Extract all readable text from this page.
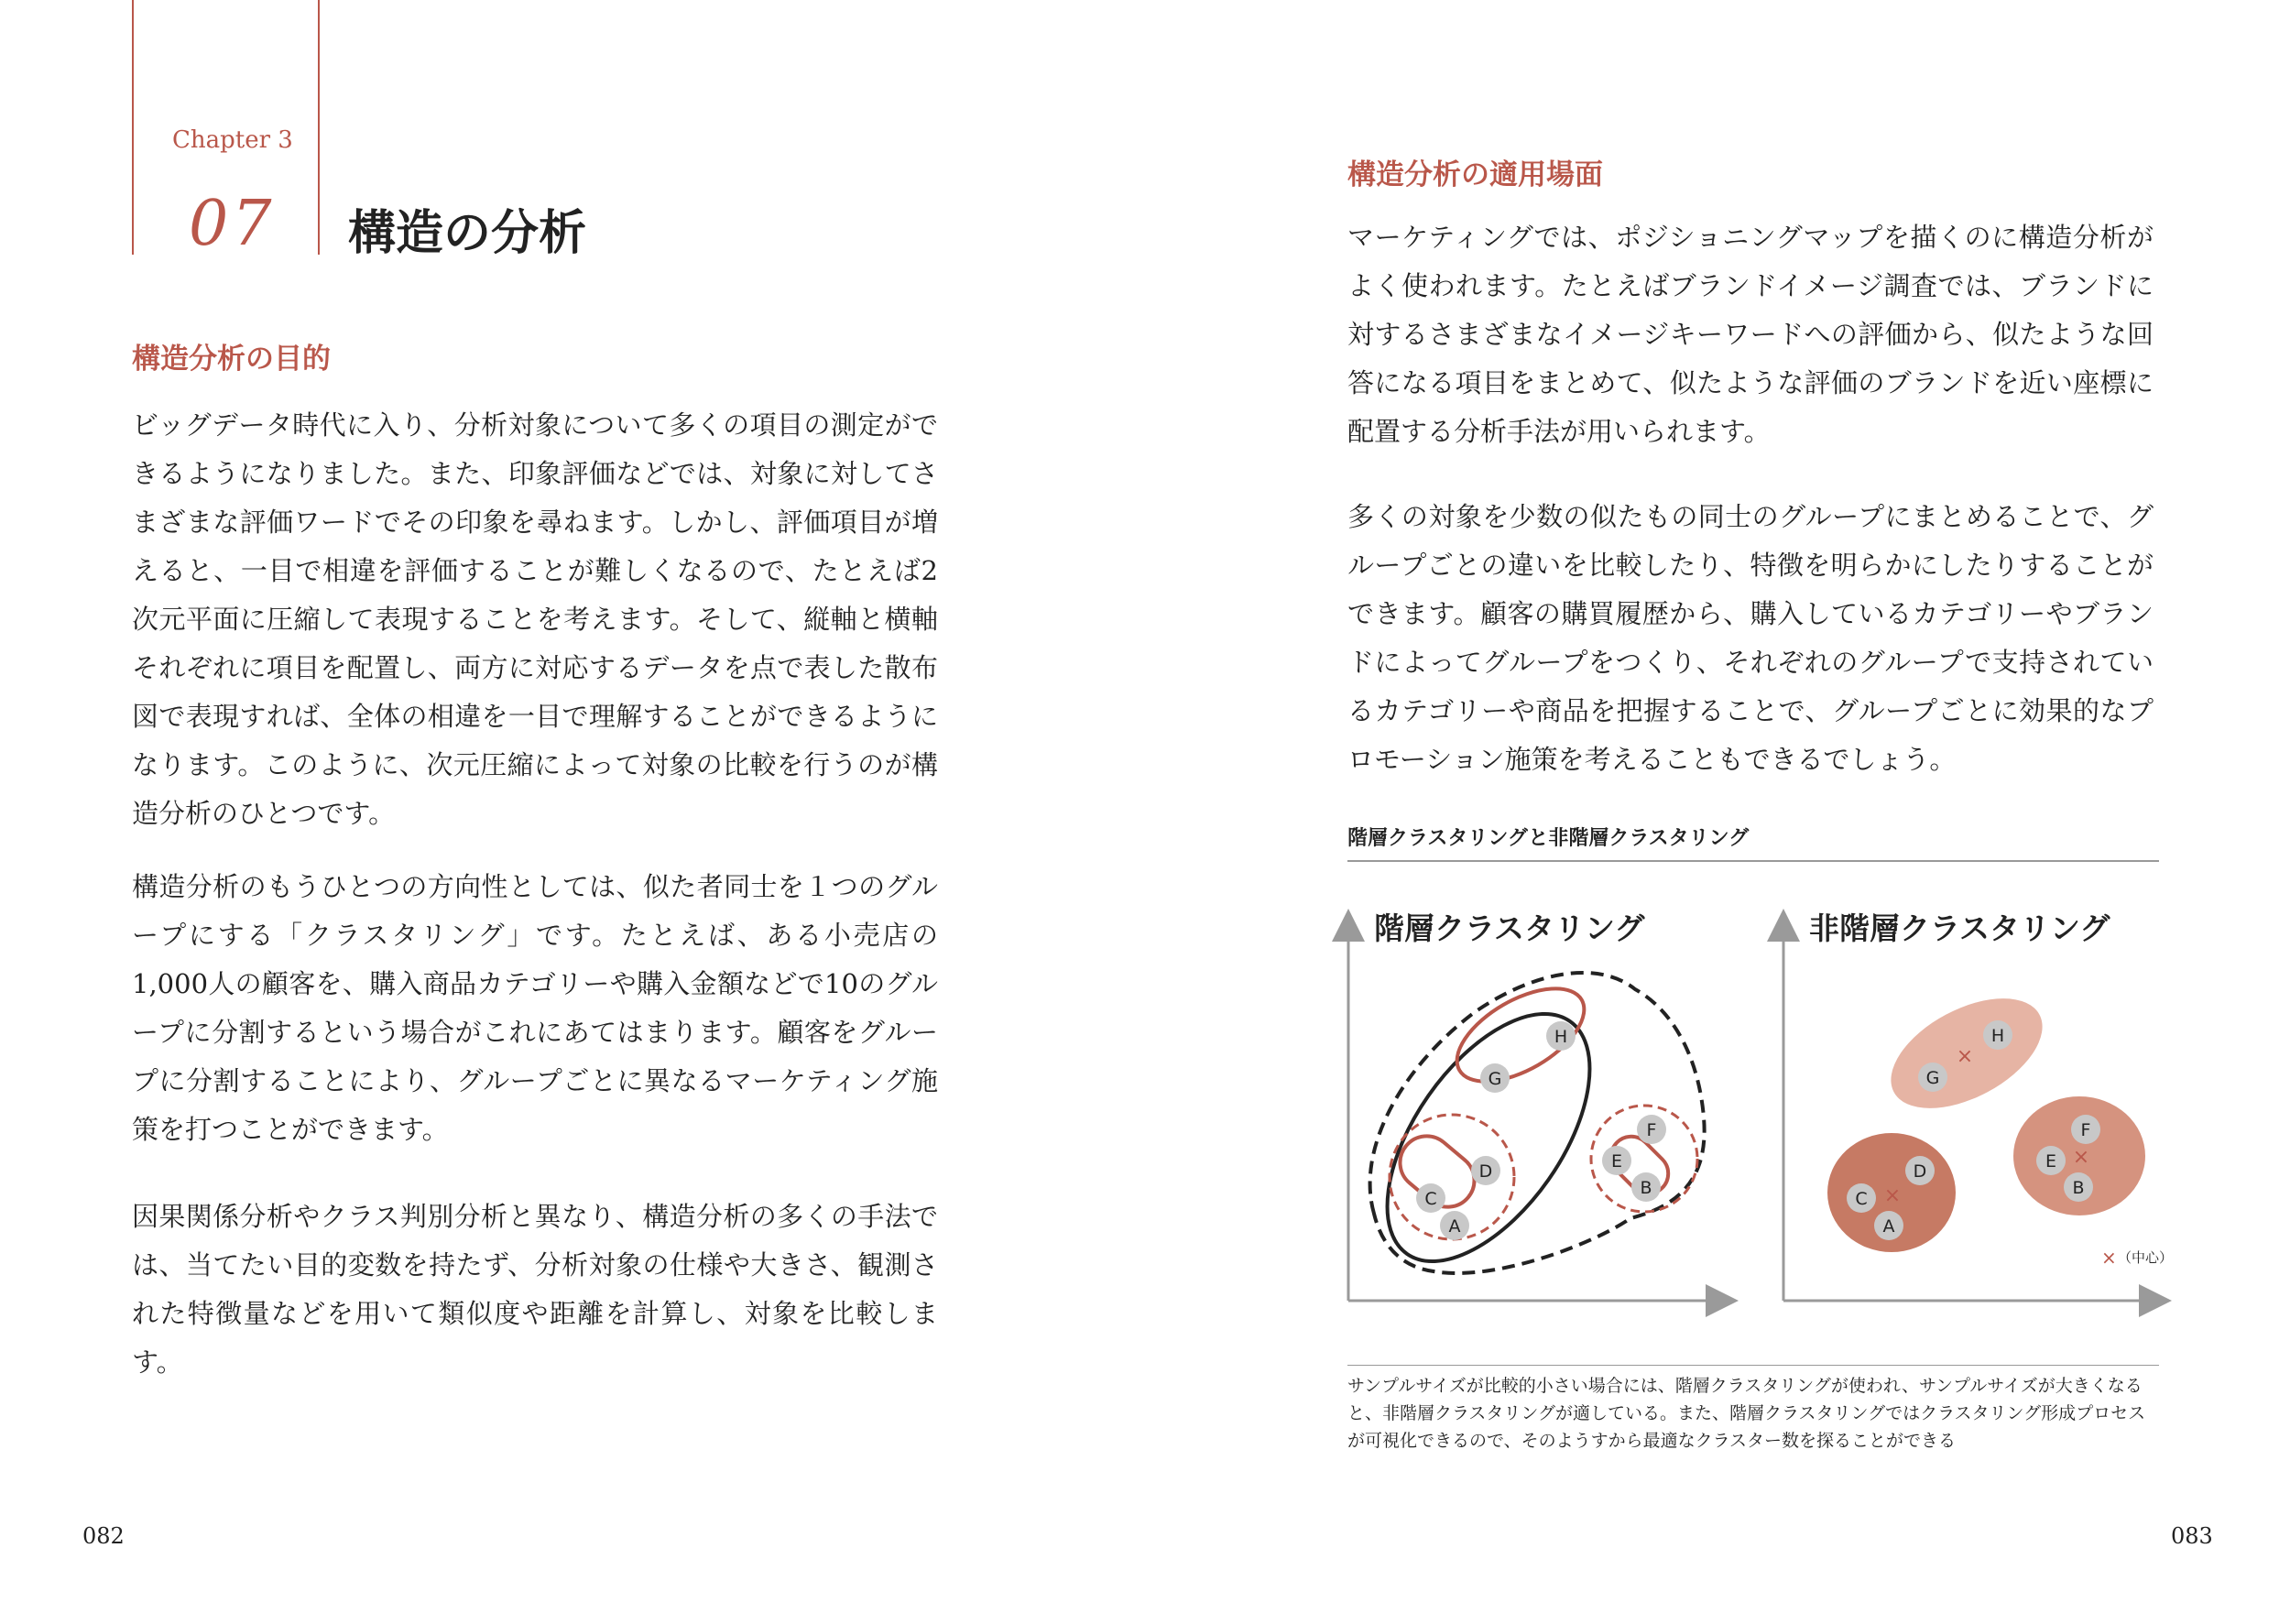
Chapter 3
07 構造の分析
構造分析の目的

ビッグデータ時代に入り、分析対象について多くの項目の測定ができるようになりました。また、印象評価などでは、対象に対してさまざまな評価ワードでその印象を尋ねます。しかし、評価項目が増えると、一目で相違を評価することが難しくなるので、たとえば2次元平面に圧縮して表現することを考えます。そして、縦軸と横軸それぞれに項目を配置し、両方に対応するデータを点で表した散布図で表現すれば、全体の相違を一目で理解することができるようになります。このように、次元圧縮によって対象の比較を行うのが構造分析のひとつです。

構造分析のもうひとつの方向性としては、似た者同士を１つのグループにする「クラスタリング」です。たとえば、ある小売店の1,000人の顧客を、購入商品カテゴリーや購入金額などで10のグループに分割するという場合がこれにあてはまります。顧客をグループに分割することにより、グループごとに異なるマーケティング施策を打つことができます。

因果関係分析やクラス判別分析と異なり、構造分析の多くの手法では、当てたい目的変数を持たず、分析対象の仕様や大きさ、観測された特徴量などを用いて類似度や距離を計算し、対象を比較します。

構造分析の適用場面

マーケティングでは、ポジショニングマップを描くのに構造分析がよく使われます。たとえばブランドイメージ調査では、ブランドに対するさまざまなイメージキーワードへの評価から、似たような回答になる項目をまとめて、似たような評価のブランドを近い座標に配置する分析手法が用いられます。

多くの対象を少数の似たもの同士のグループにまとめることで、グループごとの違いを比較したり、特徴を明らかにしたりすることができます。顧客の購買履歴から、購入しているカテゴリーやブランドによってグループをつくり、それぞれのグループで支持されているカテゴリーや商品を把握することで、グループごとに効果的なプロモーション施策を考えることもできるでしょう。

階層クラスタリングと非階層クラスタリング
階層クラスタリング
H
G
D
C
A
F
E
B
非階層クラスタリング
H
G
×
D
C
A
×
F
E
B
×
× （中心）

サンプルサイズが比較的小さい場合には、階層クラスタリングが使われ、サンプルサイズが大きくなると、非階層クラスタリングが適している。また、階層クラスタリングではクラスタリング形成プロセスが可視化できるので、そのようすから最適なクラスター数を探ることができる

082	083
